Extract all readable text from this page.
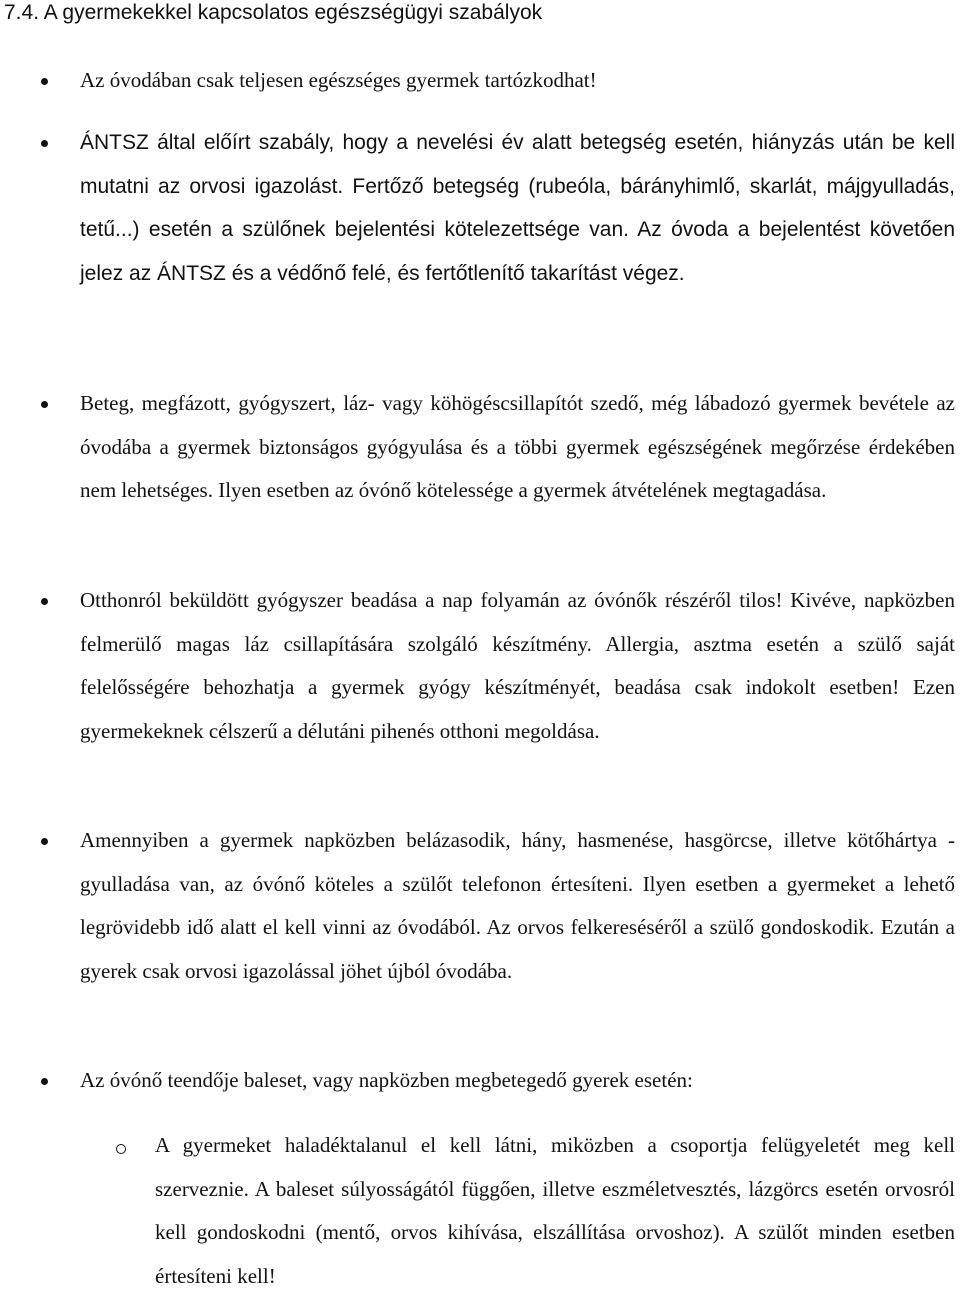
7.4. A gyermekekkel kapcsolatos egészségügyi szabályok

Az óvodában csak teljesen egészséges gyermek tartózkodhat!

ÁNTSZ által előírt szabály, hogy a nevelési év alatt betegség esetén, hiányzás után be kell mutatni az orvosi igazolást. Fertőző betegség (rubeóla, bárányhimlő, skarlát, májgyulladás, tetű...) esetén a szülőnek bejelentési kötelezettsége van. Az óvoda a bejelentést követően jelez az ÁNTSZ és a védőnő felé, és fertőtlenítő takarítást végez.

Beteg, megfázott, gyógyszert, láz- vagy köhögéscsillapítót szedő, még lábadozó gyermek bevétele az óvodába a gyermek biztonságos gyógyulása és a többi gyermek egészségének megőrzése érdekében nem lehetséges. Ilyen esetben az óvónő kötelessége a gyermek átvételének megtagadása.

Otthonról beküldött gyógyszer beadása a nap folyamán az óvónők részéről tilos! Kivéve, napközben felmerülő magas láz csillapítására szolgáló készítmény. Allergia, asztma esetén a szülő saját felelősségére behozhatja a gyermek gyógy készítményét, beadása csak indokolt esetben! Ezen gyermekeknek célszerű a délutáni pihenés otthoni megoldása.

Amennyiben a gyermek napközben belázasodik, hány, hasmenése, hasgörcse, illetve kötőhártya - gyulladása van, az óvónő köteles a szülőt telefonon értesíteni. Ilyen esetben a gyermeket a lehető legrövidebb idő alatt el kell vinni az óvodából. Az orvos felkereséséről a szülő gondoskodik. Ezután a gyerek csak orvosi igazolással jöhet újból óvodába.

Az óvónő teendője baleset, vagy napközben megbetegedő gyerek esetén:

A gyermeket haladéktalanul el kell látni, miközben a csoportja felügyeletét meg kell szerveznie. A baleset súlyosságától függően, illetve eszméletvesztés, lázgörcs esetén orvosról kell gondoskodni (mentő, orvos kihívása, elszállítása orvoshoz). A szülőt minden esetben értesíteni kell!
